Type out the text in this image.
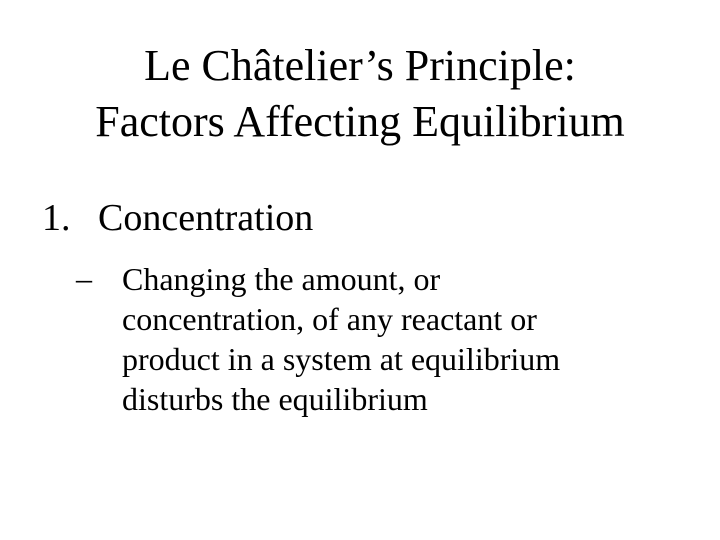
Le Châtelier’s Principle:
Factors Affecting Equilibrium
1. Concentration
– Changing the amount, or
concentration, of any reactant or
product in a system at equilibrium
disturbs the equilibrium
